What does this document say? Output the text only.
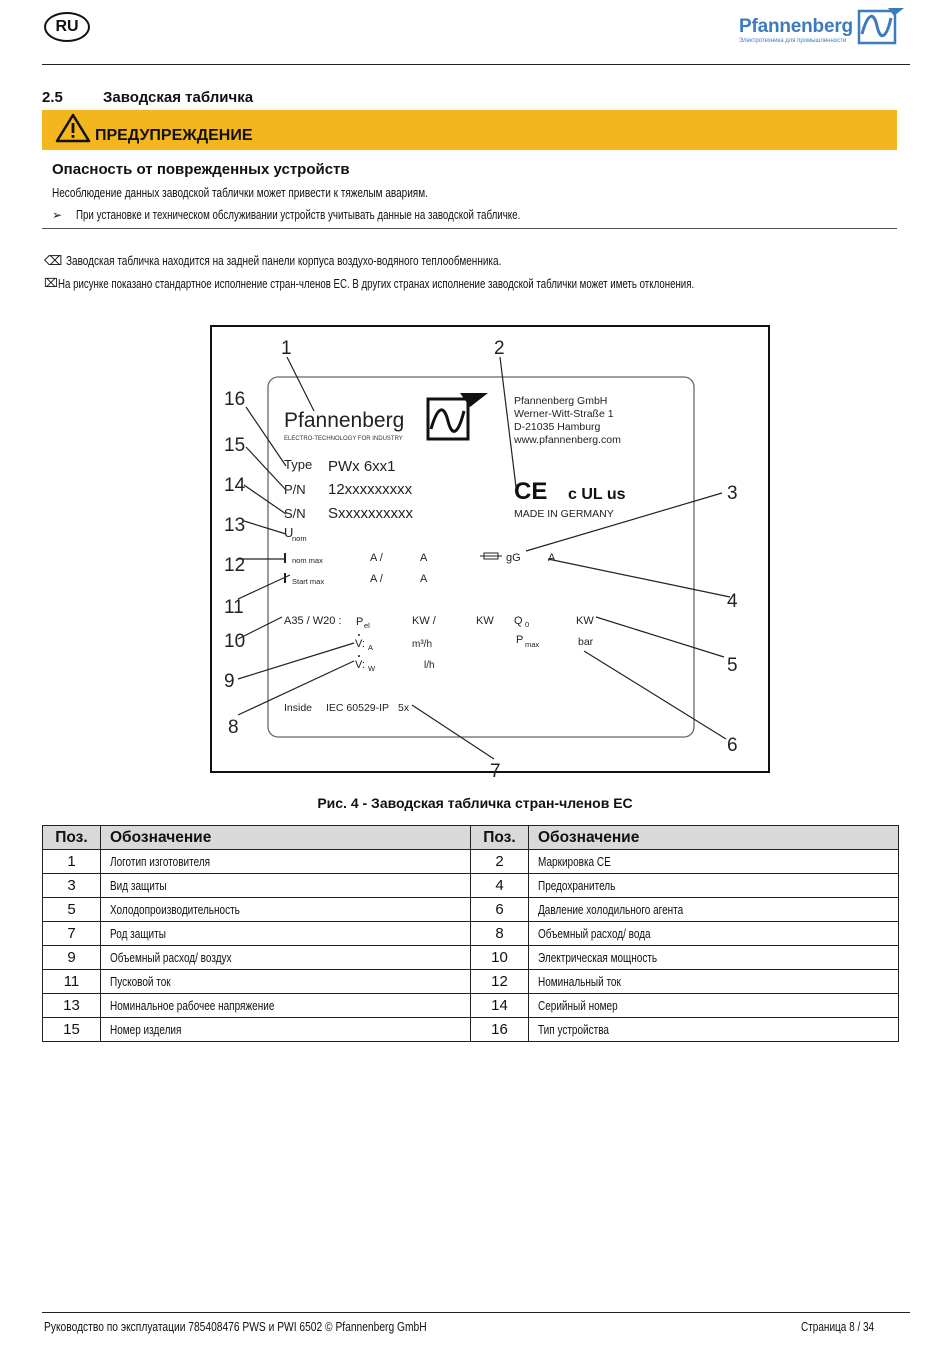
RU	Pfannenberg
Электротехника для промышленности
2.5	Заводская табличка
ПРЕДУПРЕЖДЕНИЕ
Опасность от поврежденных устройств
Несоблюдение данных заводской таблички может привести к тяжелым авариям.
➢ При установке и техническом обслуживании устройств учитывать данные на заводской табличке.
⌫ Заводская табличка находится на задней панели корпуса воздухо-водяного теплообменника.
⌧ На рисунке показано стандартное исполнение стран-членов ЕС. В других странах исполнение заводской таблички может иметь отклонения.
Pfannenberg
ELECTRO-TECHNOLOGY FOR INDUSTRY
Pfannenberg GmbH
Werner-Witt-Straße 1
D-21035 Hamburg
www.pfannenberg.com
Type PWx 6xx1
P/N 12xxxxxxxxx
S/N Sxxxxxxxxxx
CE c UL us
MADE IN GERMANY
U
nom
nom max	A /	A	gG A
Start max	A /	A
A35 / W20 : P el	KW /	KW Q 0	KW
V: A	m³/h	P max	bar
V: W	l/h
Inside IEC 60529-IP 5x
1	2
3
4
5
6
7
8
9
10
11
12
13
14
15
16
Рис. 4 - Заводская табличка стран-членов ЕС
Поз.	Обозначение	Поз.	Обозначение
1	Логотип изготовителя	2	Маркировка CE
3	Вид защиты	4	Предохранитель
5	Холодопроизводительность	6	Давление холодильного агента
7	Род защиты	8	Объемный расход/ вода
9	Объемный расход/ воздух	10	Электрическая мощность
11	Пусковой ток	12	Номинальный ток
13	Номинальное рабочее напряжение	14	Серийный номер
15	Номер изделия	16	Тип устройства
Руководство по эксплуатации 785408476 PWS и PWI 6502 © Pfannenberg GmbH	Страница 8 / 34
